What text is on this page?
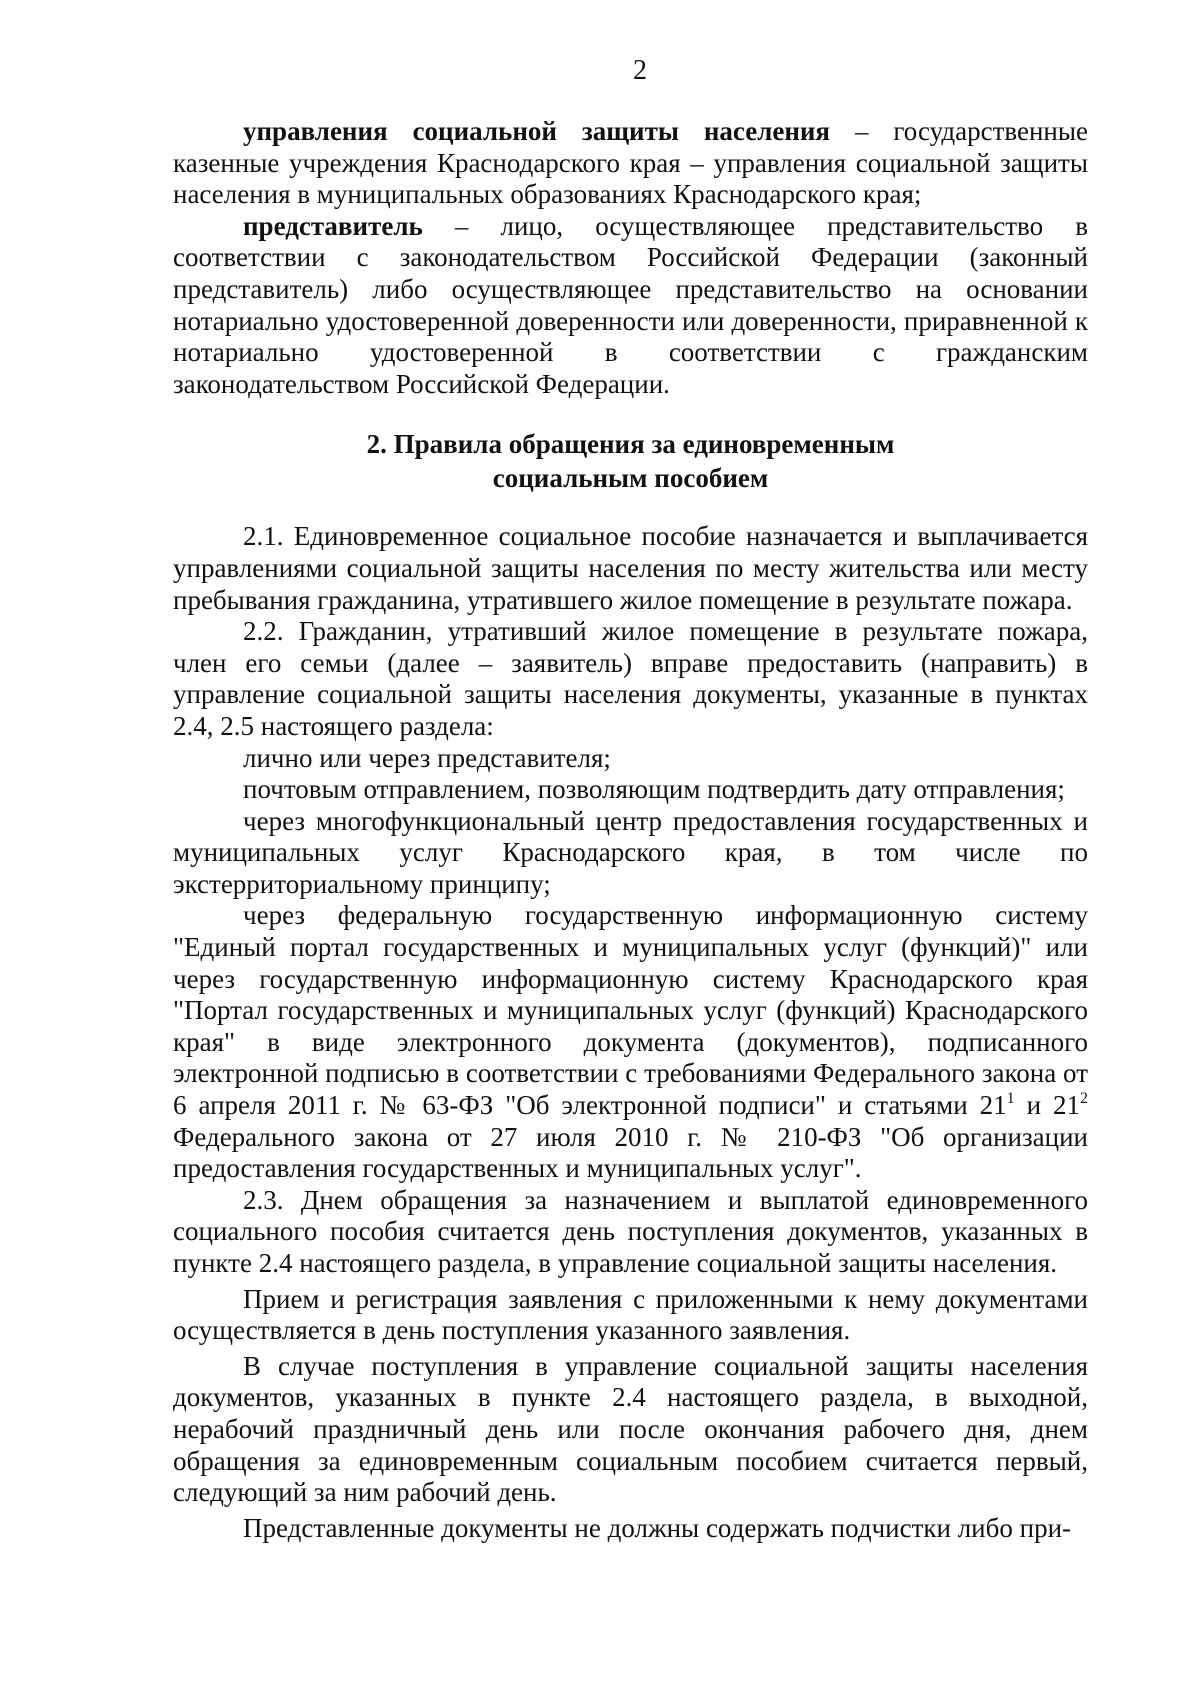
2

управления социальной защиты населения – государственные казенные учреждения Краснодарского края – управления социальной защиты населения в муниципальных образованиях Краснодарского края;

представитель – лицо, осуществляющее представительство в соответствии с законодательством Российской Федерации (законный представитель) либо осуществляющее представительство на основании нотариально удостоверенной доверенности или доверенности, приравненной к нотариально удостоверенной в соответствии с гражданским законодательством Российской Федерации.

2. Правила обращения за единовременным
социальным пособием

2.1. Единовременное социальное пособие назначается и выплачивается управлениями социальной защиты населения по месту жительства или месту пребывания гражданина, утратившего жилое помещение в результате пожара.

2.2. Гражданин, утративший жилое помещение в результате пожара, член его семьи (далее – заявитель) вправе предоставить (направить) в управление социальной защиты населения документы, указанные в пунктах 2.4, 2.5 настоящего раздела:

лично или через представителя;

почтовым отправлением, позволяющим подтвердить дату отправления;

через многофункциональный центр предоставления государственных и муниципальных услуг Краснодарского края, в том числе по экстерриториальному принципу;

через федеральную государственную информационную систему "Единый портал государственных и муниципальных услуг (функций)" или через государственную информационную систему Краснодарского края "Портал государственных и муниципальных услуг (функций) Краснодарского края" в виде электронного документа (документов), подписанного электронной подписью в соответствии с требованиями Федерального закона от 6 апреля 2011 г. № 63-ФЗ "Об электронной подписи" и статьями $21^1$ и $21^2$ Федерального закона от 27 июля 2010 г. № 210-ФЗ "Об организации предоставления государственных и муниципальных услуг".

2.3. Днем обращения за назначением и выплатой единовременного социального пособия считается день поступления документов, указанных в пункте 2.4 настоящего раздела, в управление социальной защиты населения.

Прием и регистрация заявления с приложенными к нему документами осуществляется в день поступления указанного заявления.

В случае поступления в управление социальной защиты населения документов, указанных в пункте 2.4 настоящего раздела, в выходной, нерабочий праздничный день или после окончания рабочего дня, днем обращения за единовременным социальным пособием считается первый, следующий за ним рабочий день.

Представленные документы не должны содержать подчистки либо при-
